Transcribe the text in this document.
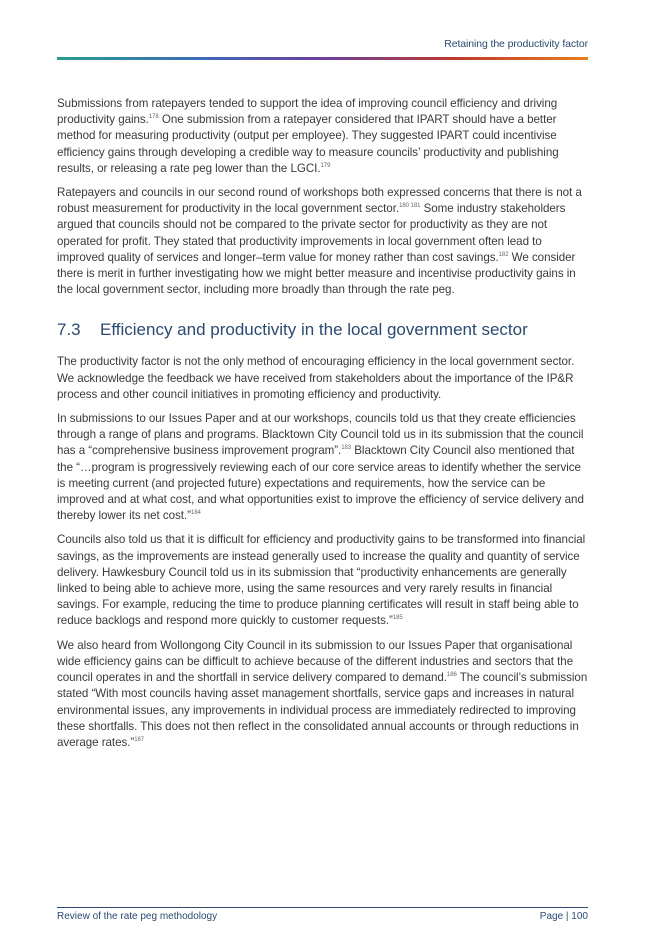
Retaining the productivity factor

Submissions from ratepayers tended to support the idea of improving council efficiency and driving productivity gains.$^{178}$ One submission from a ratepayer considered that IPART should have a better method for measuring productivity (output per employee). They suggested IPART could incentivise efficiency gains through developing a credible way to measure councils’ productivity and publishing results, or releasing a rate peg lower than the LGCI.$^{179}$

Ratepayers and councils in our second round of workshops both expressed concerns that there is not a robust measurement for productivity in the local government sector.$^{180 181}$ Some industry stakeholders argued that councils should not be compared to the private sector for productivity as they are not operated for profit. They stated that productivity improvements in local government often lead to improved quality of services and longer–term value for money rather than cost savings.$^{182}$ We consider there is merit in further investigating how we might better measure and incentivise productivity gains in the local government sector, including more broadly than through the rate peg.

7.3	Efficiency and productivity in the local government sector

The productivity factor is not the only method of encouraging efficiency in the local government sector. We acknowledge the feedback we have received from stakeholders about the importance of the IP&R process and other council initiatives in promoting efficiency and productivity.

In submissions to our Issues Paper and at our workshops, councils told us that they create efficiencies through a range of plans and programs. Blacktown City Council told us in its submission that the council has a “comprehensive business improvement program”.$^{183}$ Blacktown City Council also mentioned that the “…program is progressively reviewing each of our core service areas to identify whether the service is meeting current (and projected future) expectations and requirements, how the service can be improved and at what cost, and what opportunities exist to improve the efficiency of service delivery and thereby lower its net cost.”$^{184}$

Councils also told us that it is difficult for efficiency and productivity gains to be transformed into financial savings, as the improvements are instead generally used to increase the quality and quantity of service delivery. Hawkesbury Council told us in its submission that “productivity enhancements are generally linked to being able to achieve more, using the same resources and very rarely results in financial savings. For example, reducing the time to produce planning certificates will result in staff being able to reduce backlogs and respond more quickly to customer requests.”$^{185}$

We also heard from Wollongong City Council in its submission to our Issues Paper that organisational wide efficiency gains can be difficult to achieve because of the different industries and sectors that the council operates in and the shortfall in service delivery compared to demand.$^{186}$ The council’s submission stated “With most councils having asset management shortfalls, service gaps and increases in natural environmental issues, any improvements in individual process are immediately redirected to improving these shortfalls. This does not then reflect in the consolidated annual accounts or through reductions in average rates.”$^{187}$

Review of the rate peg methodology	Page | 100
